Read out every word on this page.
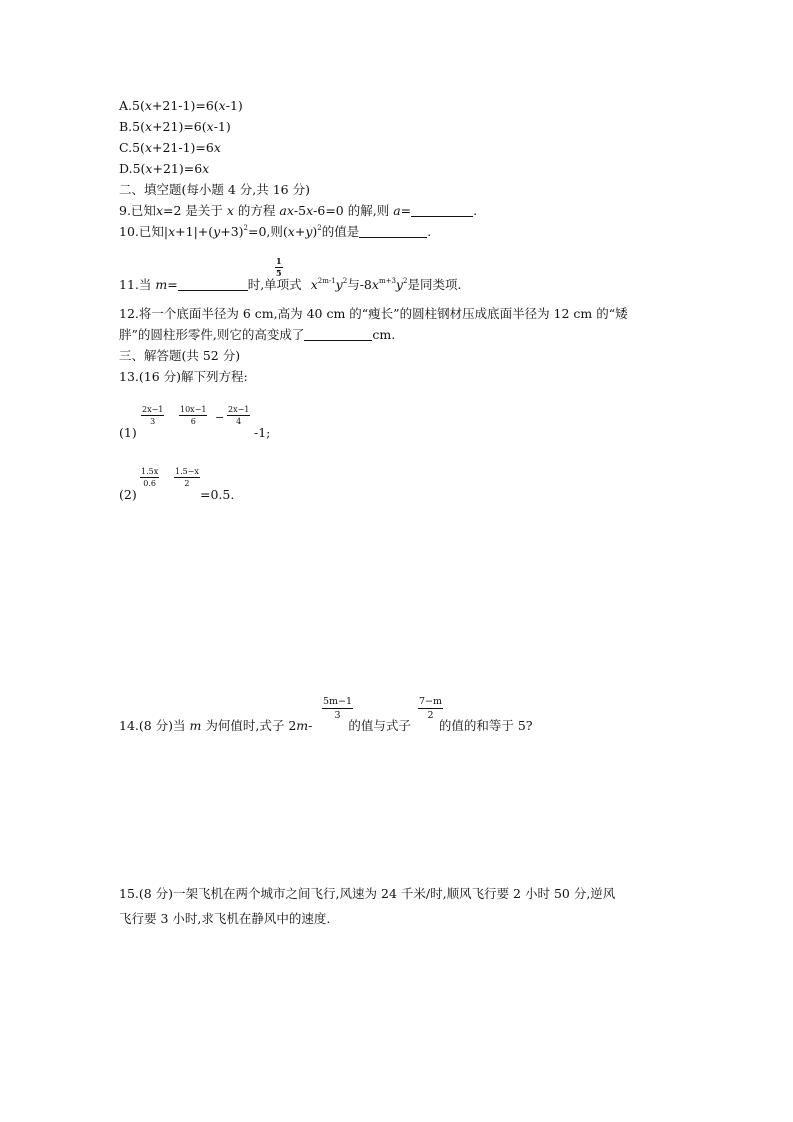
A.5(x+21-1)=6(x-1)
B.5(x+21)=6(x-1)
C.5(x+21-1)=6x
D.5(x+21)=6x
二、填空题(每小题 4 分,共 16 分)
9.已知x=2 是关于 x 的方程 ax-5x-6=0 的解,则 a=	.
10.已知$|x+1|+(y+3)^2=0$,则$(x+y)^2$的值是	.
$\frac{1}{5}$
11.当 m=	时,单项式 $x^{2m-1}y^2$与$-8x^{m+3}y^2$是同类项.
12.将一个底面半径为 6 cm,高为 40 cm 的“瘦长”的圆柱钢材压成底面半径为 12 cm 的“矮
胖”的圆柱形零件,则它的高变成了	cm.
三、解答题(共 52 分)
13.(16 分)解下列方程:
$\frac{2x-1}{3} \frac{10x-1}{6} - \frac{2x-1}{4}$
(1)	-1;
$\frac{1.5x}{0.6} \frac{1.5-x}{2}$
(2)	=0.5.
$\frac{5m-1}{3}$	$\frac{7-m}{2}$
14.(8 分)当 m 为何值时,式子 2m-	的值与式子 的值的和等于 5?
15.(8 分)一架飞机在两个城市之间飞行,风速为 24 千米/时,顺风飞行要 2 小时 50 分,逆风
飞行要 3 小时,求飞机在静风中的速度.
